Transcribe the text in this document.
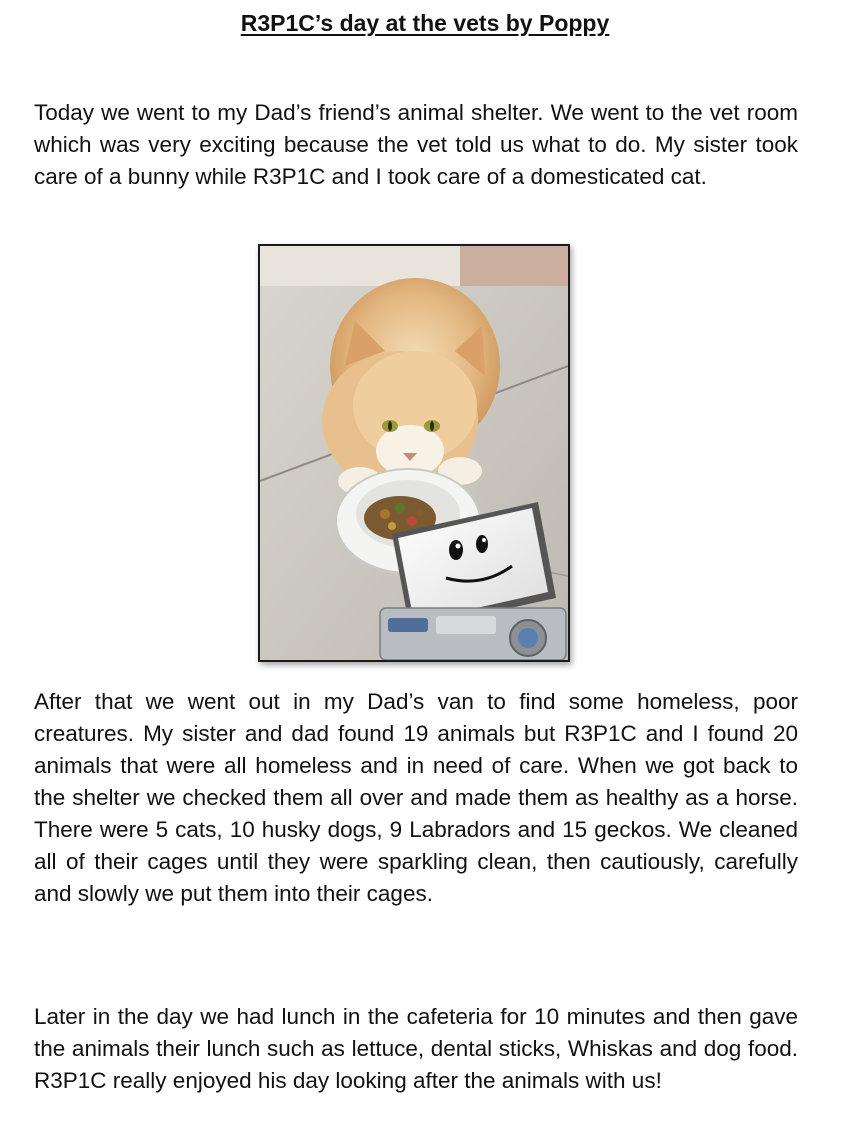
R3P1C’s day at the vets by Poppy

Today we went to my Dad’s friend’s animal shelter. We went to the vet room which was very exciting because the vet told us what to do. My sister took care of a bunny while R3P1C and I took care of a domesticated cat.

After that we went out in my Dad’s van to find some homeless, poor creatures. My sister and dad found 19 animals but R3P1C and I found 20 animals that were all homeless and in need of care. When we got back to the shelter we checked them all over and made them as healthy as a horse. There were 5 cats, 10 husky dogs, 9 Labradors and 15 geckos. We cleaned all of their cages until they were sparkling clean, then cautiously, carefully and slowly we put them into their cages.

Later in the day we had lunch in the cafeteria for 10 minutes and then gave the animals their lunch such as lettuce, dental sticks, Whiskas and dog food. R3P1C really enjoyed his day looking after the animals with us!
